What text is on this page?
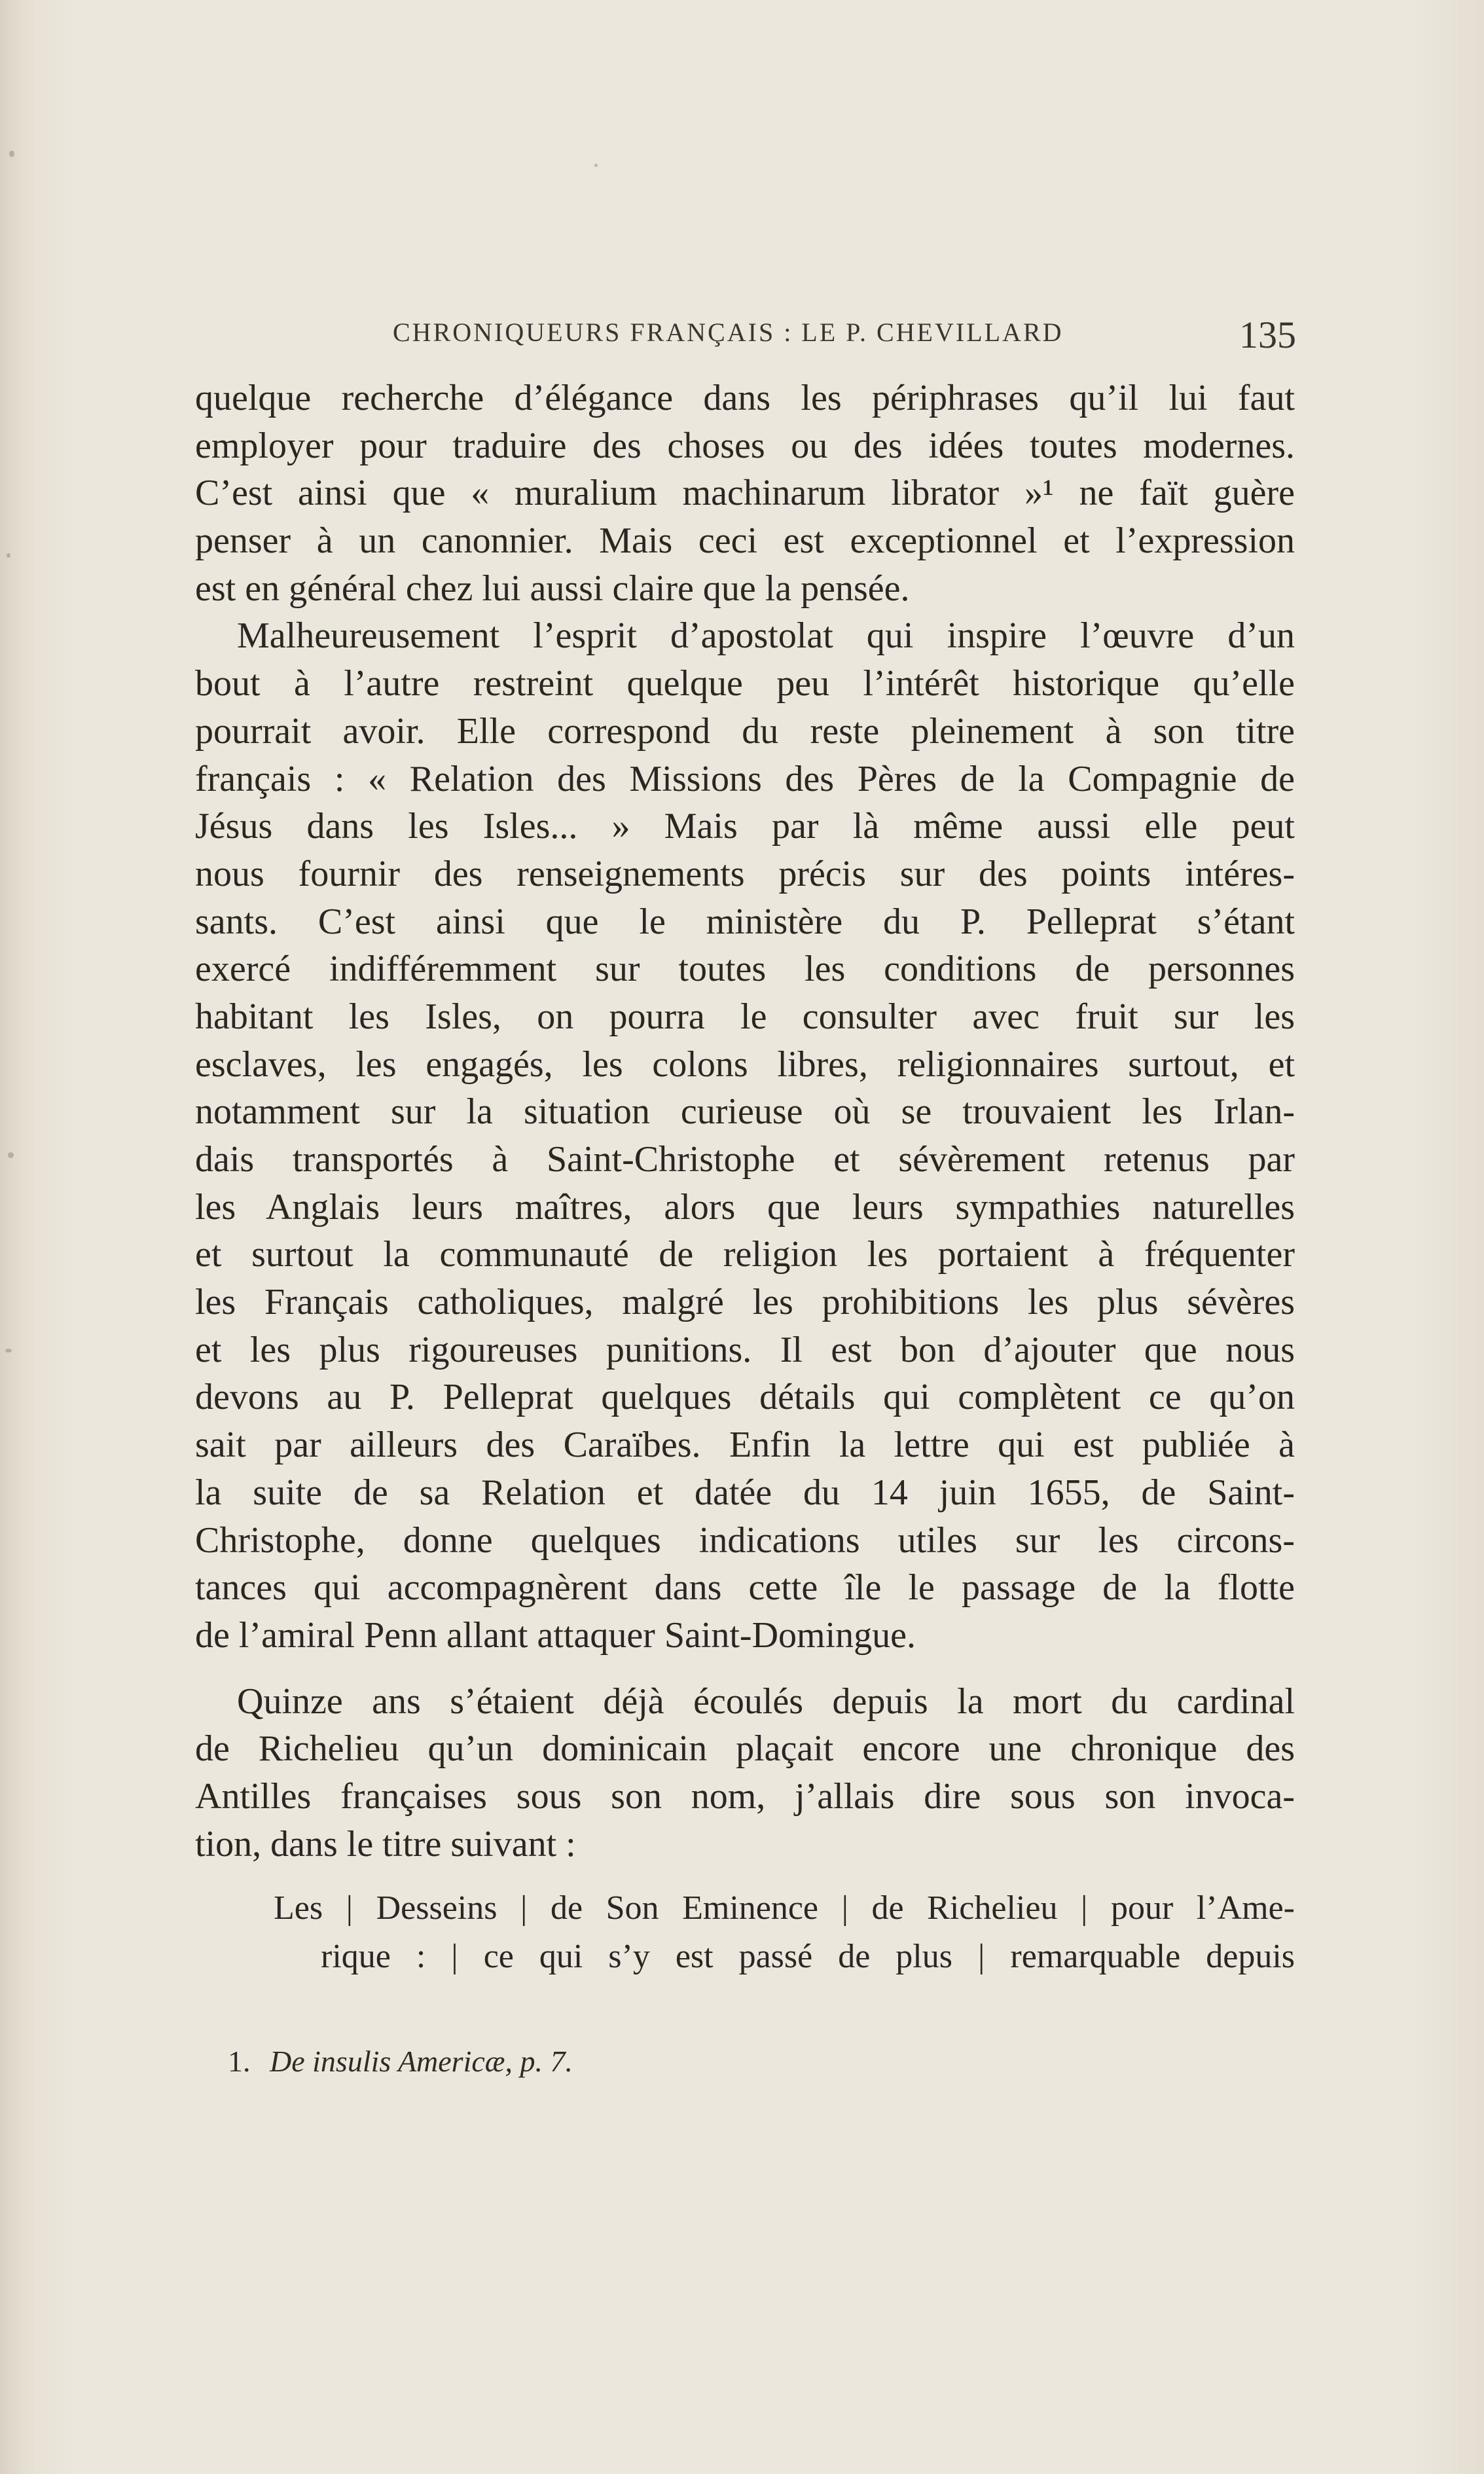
CHRONIQUEURS FRANÇAIS : LE P. CHEVILLARD	135
quelque recherche d’élégance dans les périphrases qu’il lui faut
employer pour traduire des choses ou des idées toutes modernes.
C’est ainsi que « muralium machinarum librator »¹ ne faït guère
penser à un canonnier. Mais ceci est exceptionnel et l’expression
est en général chez lui aussi claire que la pensée.
Malheureusement l’esprit d’apostolat qui inspire l’œuvre d’un
bout à l’autre restreint quelque peu l’intérêt historique qu’elle
pourrait avoir. Elle correspond du reste pleinement à son titre
français : « Relation des Missions des Pères de la Compagnie de
Jésus dans les Isles... » Mais par là même aussi elle peut
nous fournir des renseignements précis sur des points intéres-
sants. C’est ainsi que le ministère du P. Pelleprat s’étant
exercé indifféremment sur toutes les conditions de personnes
habitant les Isles, on pourra le consulter avec fruit sur les
esclaves, les engagés, les colons libres, religionnaires surtout, et
notamment sur la situation curieuse où se trouvaient les Irlan-
dais transportés à Saint-Christophe et sévèrement retenus par
les Anglais leurs maîtres, alors que leurs sympathies naturelles
et surtout la communauté de religion les portaient à fréquenter
les Français catholiques, malgré les prohibitions les plus sévères
et les plus rigoureuses punitions. Il est bon d’ajouter que nous
devons au P. Pelleprat quelques détails qui complètent ce qu’on
sait par ailleurs des Caraïbes. Enfin la lettre qui est publiée à
la suite de sa Relation et datée du 14 juin 1655, de Saint-
Christophe, donne quelques indications utiles sur les circons-
tances qui accompagnèrent dans cette île le passage de la flotte
de l’amiral Penn allant attaquer Saint-Domingue.
Quinze ans s’étaient déjà écoulés depuis la mort du cardinal
de Richelieu qu’un dominicain plaçait encore une chronique des
Antilles françaises sous son nom, j’allais dire sous son invoca-
tion, dans le titre suivant :
Les | Desseins | de Son Eminence | de Richelieu | pour l’Ame-
rique : | ce qui s’y est passé de plus | remarquable depuis
1. De insulis Americæ, p. 7.
